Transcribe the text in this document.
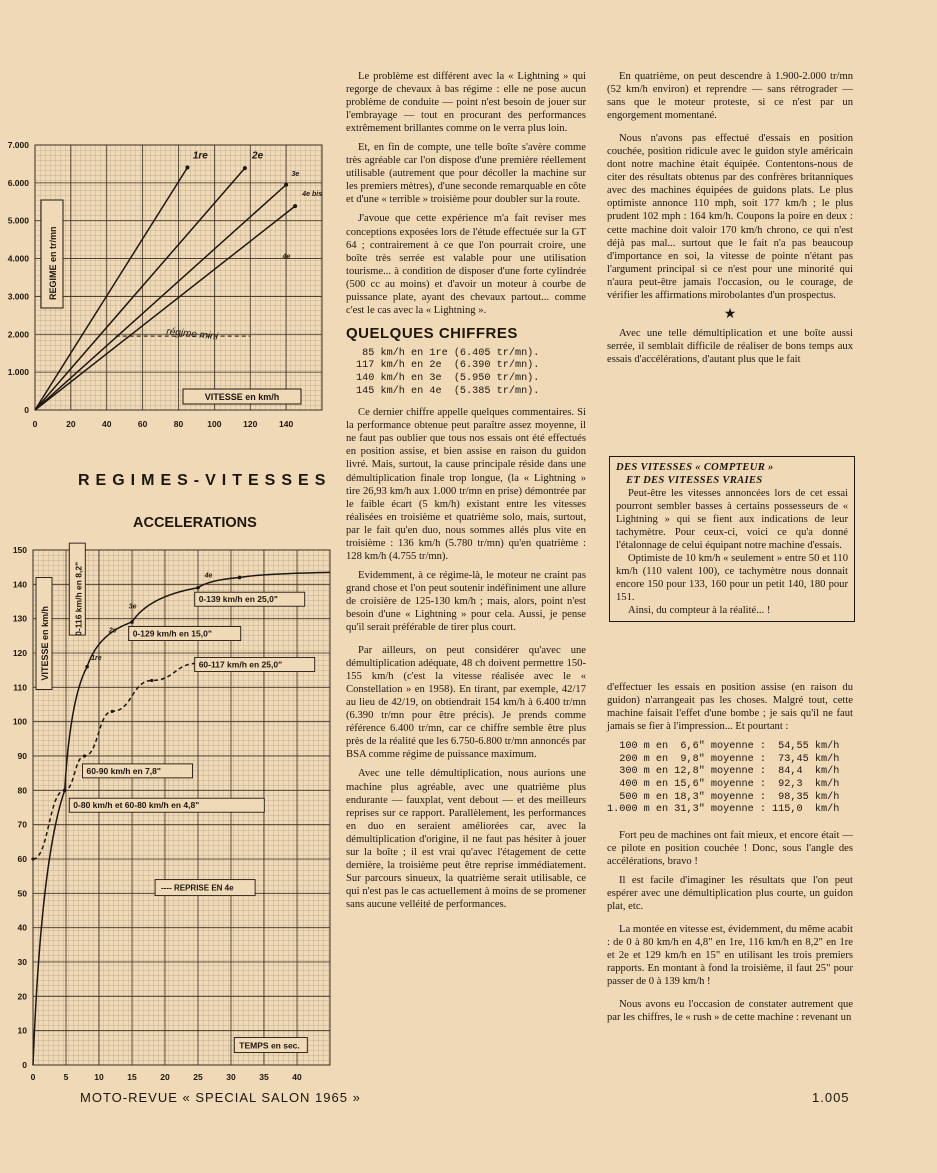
0
1.000
2.000
3.000
4.000
5.000
6.000
7.000
0	20	40	60	80	100	120	140
REGIME en tr/mn
VITESSE en km/h
régime mini
1re	2e
3e
4e
4e bis
REGIMES-VITESSES
ACCELERATIONS
0
10
20
30
40
50
60
70
80
90
100
110
120
130
140
150
0	5	10	15	20	25	30	35	40
0-139 km/h en 25,0"
0-129 km/h en 15,0"
60-117 km/h en 25,0"
60-90 km/h en 7,8"
0-80 km/h et 60-80 km/h en 4,8"
0-116 km/h en 8,2"
VITESSE en km/h
---- REPRISE EN 4e
TEMPS en sec.
1re
2e
3e
4e

Le problème est différent avec la « Lightning » qui regorge de chevaux à bas régime : elle ne pose aucun problème de conduite — point n'est besoin de jouer sur l'embrayage — tout en procurant des performances extrêmement brillantes comme on le verra plus loin.

Et, en fin de compte, une telle boîte s'avère comme très agréable car l'on dispose d'une première réellement utilisable (autrement que pour décoller la machine sur les premiers mètres), d'une seconde remarquable en côte et d'une « terrible » troisième pour doubler sur la route.

J'avoue que cette expérience m'a fait reviser mes conceptions exposées lors de l'étude effectuée sur la GT 64 ; contrairement à ce que l'on pourrait croire, une boîte très serrée est valable pour une utilisation tourisme... à condition de disposer d'une forte cylindrée (500 cc au moins) et d'avoir un moteur à courbe de puissance plate, ayant des chevaux partout... comme c'est le cas avec la « Lightning ».

QUELQUES CHIFFRES
85 km/h en 1re (6.405 tr/mn).
117 km/h en 2e  (6.390 tr/mn).
140 km/h en 3e  (5.950 tr/mn).
145 km/h en 4e  (5.385 tr/mn).

Ce dernier chiffre appelle quelques commentaires. Si la performance obtenue peut paraître assez moyenne, il ne faut pas oublier que tous nos essais ont été effectués en position assise, et bien assise en raison du guidon livré. Mais, surtout, la cause principale réside dans une démultiplication finale trop longue, (la « Lightning » tire 26,93 km/h aux 1.000 tr/mn en prise) démontrée par le faible écart (5 km/h) existant entre les vitesses réalisées en troisième et quatrième solo, mais, surtout, par le fait qu'en duo, nous sommes allés plus vite en troisième : 136 km/h (5.780 tr/mn) qu'en quatrième : 128 km/h (4.755 tr/mn).

Evidemment, à ce régime-là, le moteur ne craint pas grand chose et l'on peut soutenir indéfiniment une allure de croisière de 125-130 km/h ; mais, alors, point n'est besoin d'une « Lightning » pour cela. Aussi, je pense qu'il serait préférable de tirer plus court.

Par ailleurs, on peut considérer qu'avec une démultiplication adéquate, 48 ch doivent permettre 150-155 km/h (c'est la vitesse réalisée avec le « Constellation » en 1958). En tirant, par exemple, 42/17 au lieu de 42/19, on obtiendrait 154 km/h à 6.400 tr/mn (6.390 tr/mn pour être précis). Je prends comme référence 6.400 tr/mn, car ce chiffre semble être plus près de la réalité que les 6.750-6.800 tr/mn annoncés par BSA comme régime de puissance maximum.

Avec une telle démultiplication, nous aurions une machine plus agréable, avec une quatrième plus endurante — fauxplat, vent debout — et des meilleurs reprises sur ce rapport. Parallèlement, les performances en duo en seraient améliorées car, avec la démultiplication d'origine, il ne faut pas hésiter à jouer sur la boîte ; il est vrai qu'avec l'étagement de cette dernière, la troisième peut être reprise immédiatement. Sur parcours sinueux, la quatrième serait utilisable, ce qui n'est pas le cas actuellement à moins de se promener sans aucune velléité de performances.

En quatrième, on peut descendre à 1.900-2.000 tr/mn (52 km/h environ) et reprendre — sans rétrograder — sans que le moteur proteste, si ce n'est par un engorgement momentané.

Nous n'avons pas effectué d'essais en position couchée, position ridicule avec le guidon style américain dont notre machine était équipée. Contentons-nous de citer des résultats obtenus par des confrères britanniques avec des machines équipées de guidons plats. Le plus optimiste annonce 110 mph, soit 177 km/h ; le plus prudent 102 mph : 164 km/h. Coupons la poire en deux : cette machine doit valoir 170 km/h chrono, ce qui n'est déjà pas mal... surtout que le fait n'a pas beaucoup d'importance en soi, la vitesse de pointe n'étant pas l'argument principal si ce n'est pour une minorité qui n'aura peut-être jamais l'occasion, ou le courage, de vérifier les affirmations mirobolantes d'un prospectus.

★

Avec une telle démultiplication et une boîte aussi serrée, il semblait difficile de réaliser de bons temps aux essais d'accélérations, d'autant plus que le fait

DES VITESSES « COMPTEUR »
ET DES VITESSES VRAIES

Peut-être les vitesses annoncées lors de cet essai pourront sembler basses à certains possesseurs de « Lightning » qui se fient aux indications de leur tachymètre. Pour ceux-ci, voici ce qu'a donné l'étalonnage de celui équipant notre machine d'essais.

Optimiste de 10 km/h « seulement » entre 50 et 110 km/h (110 valent 100), ce tachymètre nous donnait encore 150 pour 133, 160 pour un petit 140, 180 pour 151.

Ainsi, du compteur à la réalité... !

d'effectuer les essais en position assise (en raison du guidon) n'arrangeait pas les choses. Malgré tout, cette machine faisait l'effet d'une bombe ; je sais qu'il ne faut jamais se fier à l'impression... Et pourtant :

100 m en  6,6" moyenne :  54,55 km/h
200 m en  9,8" moyenne :  73,45 km/h
300 m en 12,8" moyenne :  84,4  km/h
400 m en 15,6" moyenne :  92,3  km/h
500 m en 18,3" moyenne :  98,35 km/h
1.000 m en 31,3" moyenne : 115,0  km/h

Fort peu de machines ont fait mieux, et encore était — ce pilote en position couchée ! Donc, sous l'angle des accélérations, bravo !

Il est facile d'imaginer les résultats que l'on peut espérer avec une démultiplication plus courte, un guidon plat, etc.

La montée en vitesse est, évidemment, du même acabit : de 0 à 80 km/h en 4,8" en 1re, 116 km/h en 8,2" en 1re et 2e et 129 km/h en 15" en utilisant les trois premiers rapports. En montant à fond la troisième, il faut 25" pour passer de 0 à 139 km/h !

Nous avons eu l'occasion de constater autrement que par les chiffres, le « rush » de cette machine : revenant un

MOTO-REVUE « SPECIAL SALON 1965 »	1.005
